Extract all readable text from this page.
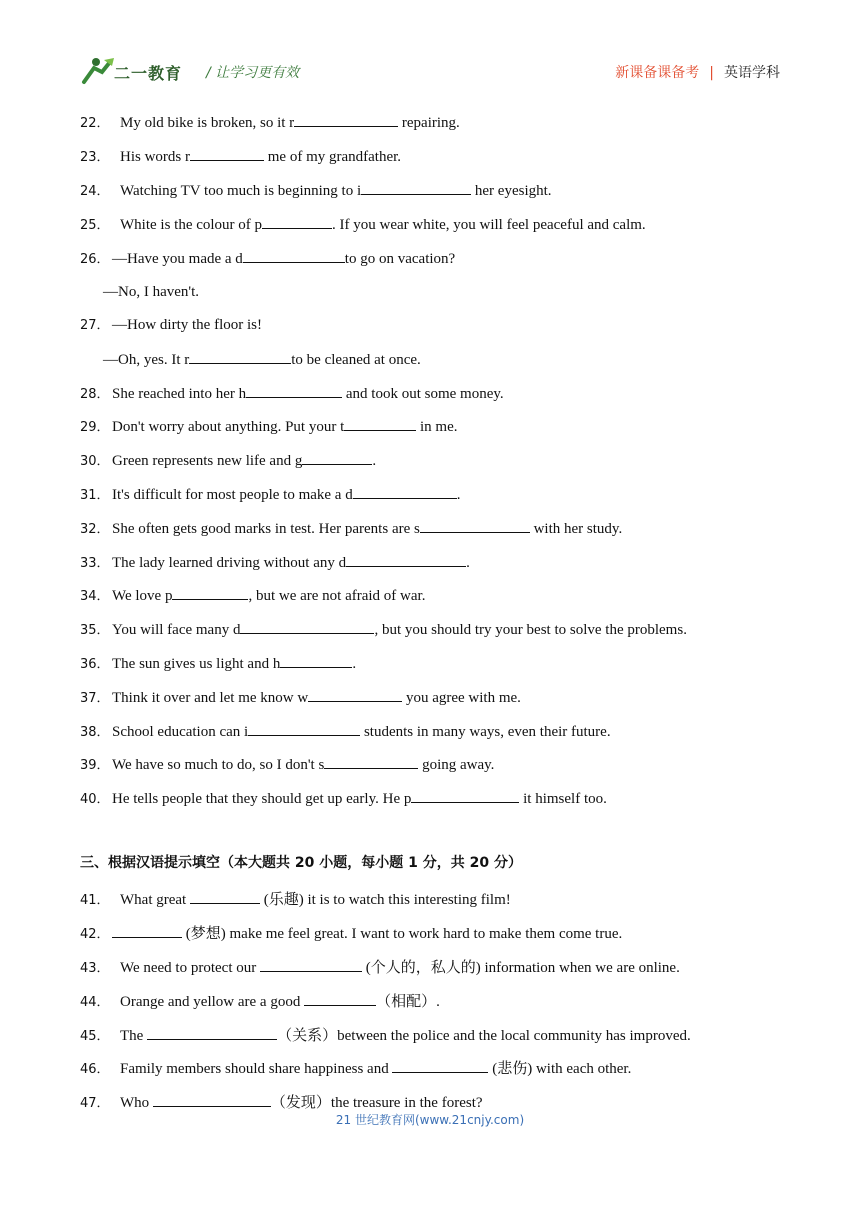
二一教育 / 让学习更有效	新课备课备考 | 英语学科
22． My old bike is broken, so it r	repairing.
23． His words r	me of my grandfather.
24． Watching TV too much is beginning to i	her eyesight.
25． White is the colour of p	. If you wear white, you will feel peaceful and calm.
26． —Have you made a d	to go on vacation?
—No, I haven't.
27． —How dirty the floor is!
—Oh, yes. It r	to be cleaned at once.
28． She reached into her h	and took out some money.
29． Don't worry about anything. Put your t	in me.
30． Green represents new life and g	.
31． It's difficult for most people to make a d	.
32． She often gets good marks in test. Her parents are s	with her study.
33． The lady learned driving without any d	.
34． We love p	, but we are not afraid of war.
35． You will face many d	, but you should try your best to solve the problems.
36． The sun gives us light and h	.
37． Think it over and let me know w	you agree with me.
38． School education can i	students in many ways, even their future.
39． We have so much to do, so I don't s	going away.
40． He tells people that they should get up early. He p	it himself too.
三、根据汉语提示填空（本大题共 20 小题，每小题 1 分，共 20 分）
41． What great	(乐趣) it is to watch this interesting film!
42．	(梦想) make me feel great. I want to work hard to make them come true.
43． We need to protect our	(个人的，私人的) information when we are online.
44． Orange and yellow are a good	（相配）.
45． The	（关系）between the police and the local community has improved.
46． Family members should share happiness and	(悲伤) with each other.
47． Who	（发现）the treasure in the forest?
21 世纪教育网(www.21cnjy.com)
